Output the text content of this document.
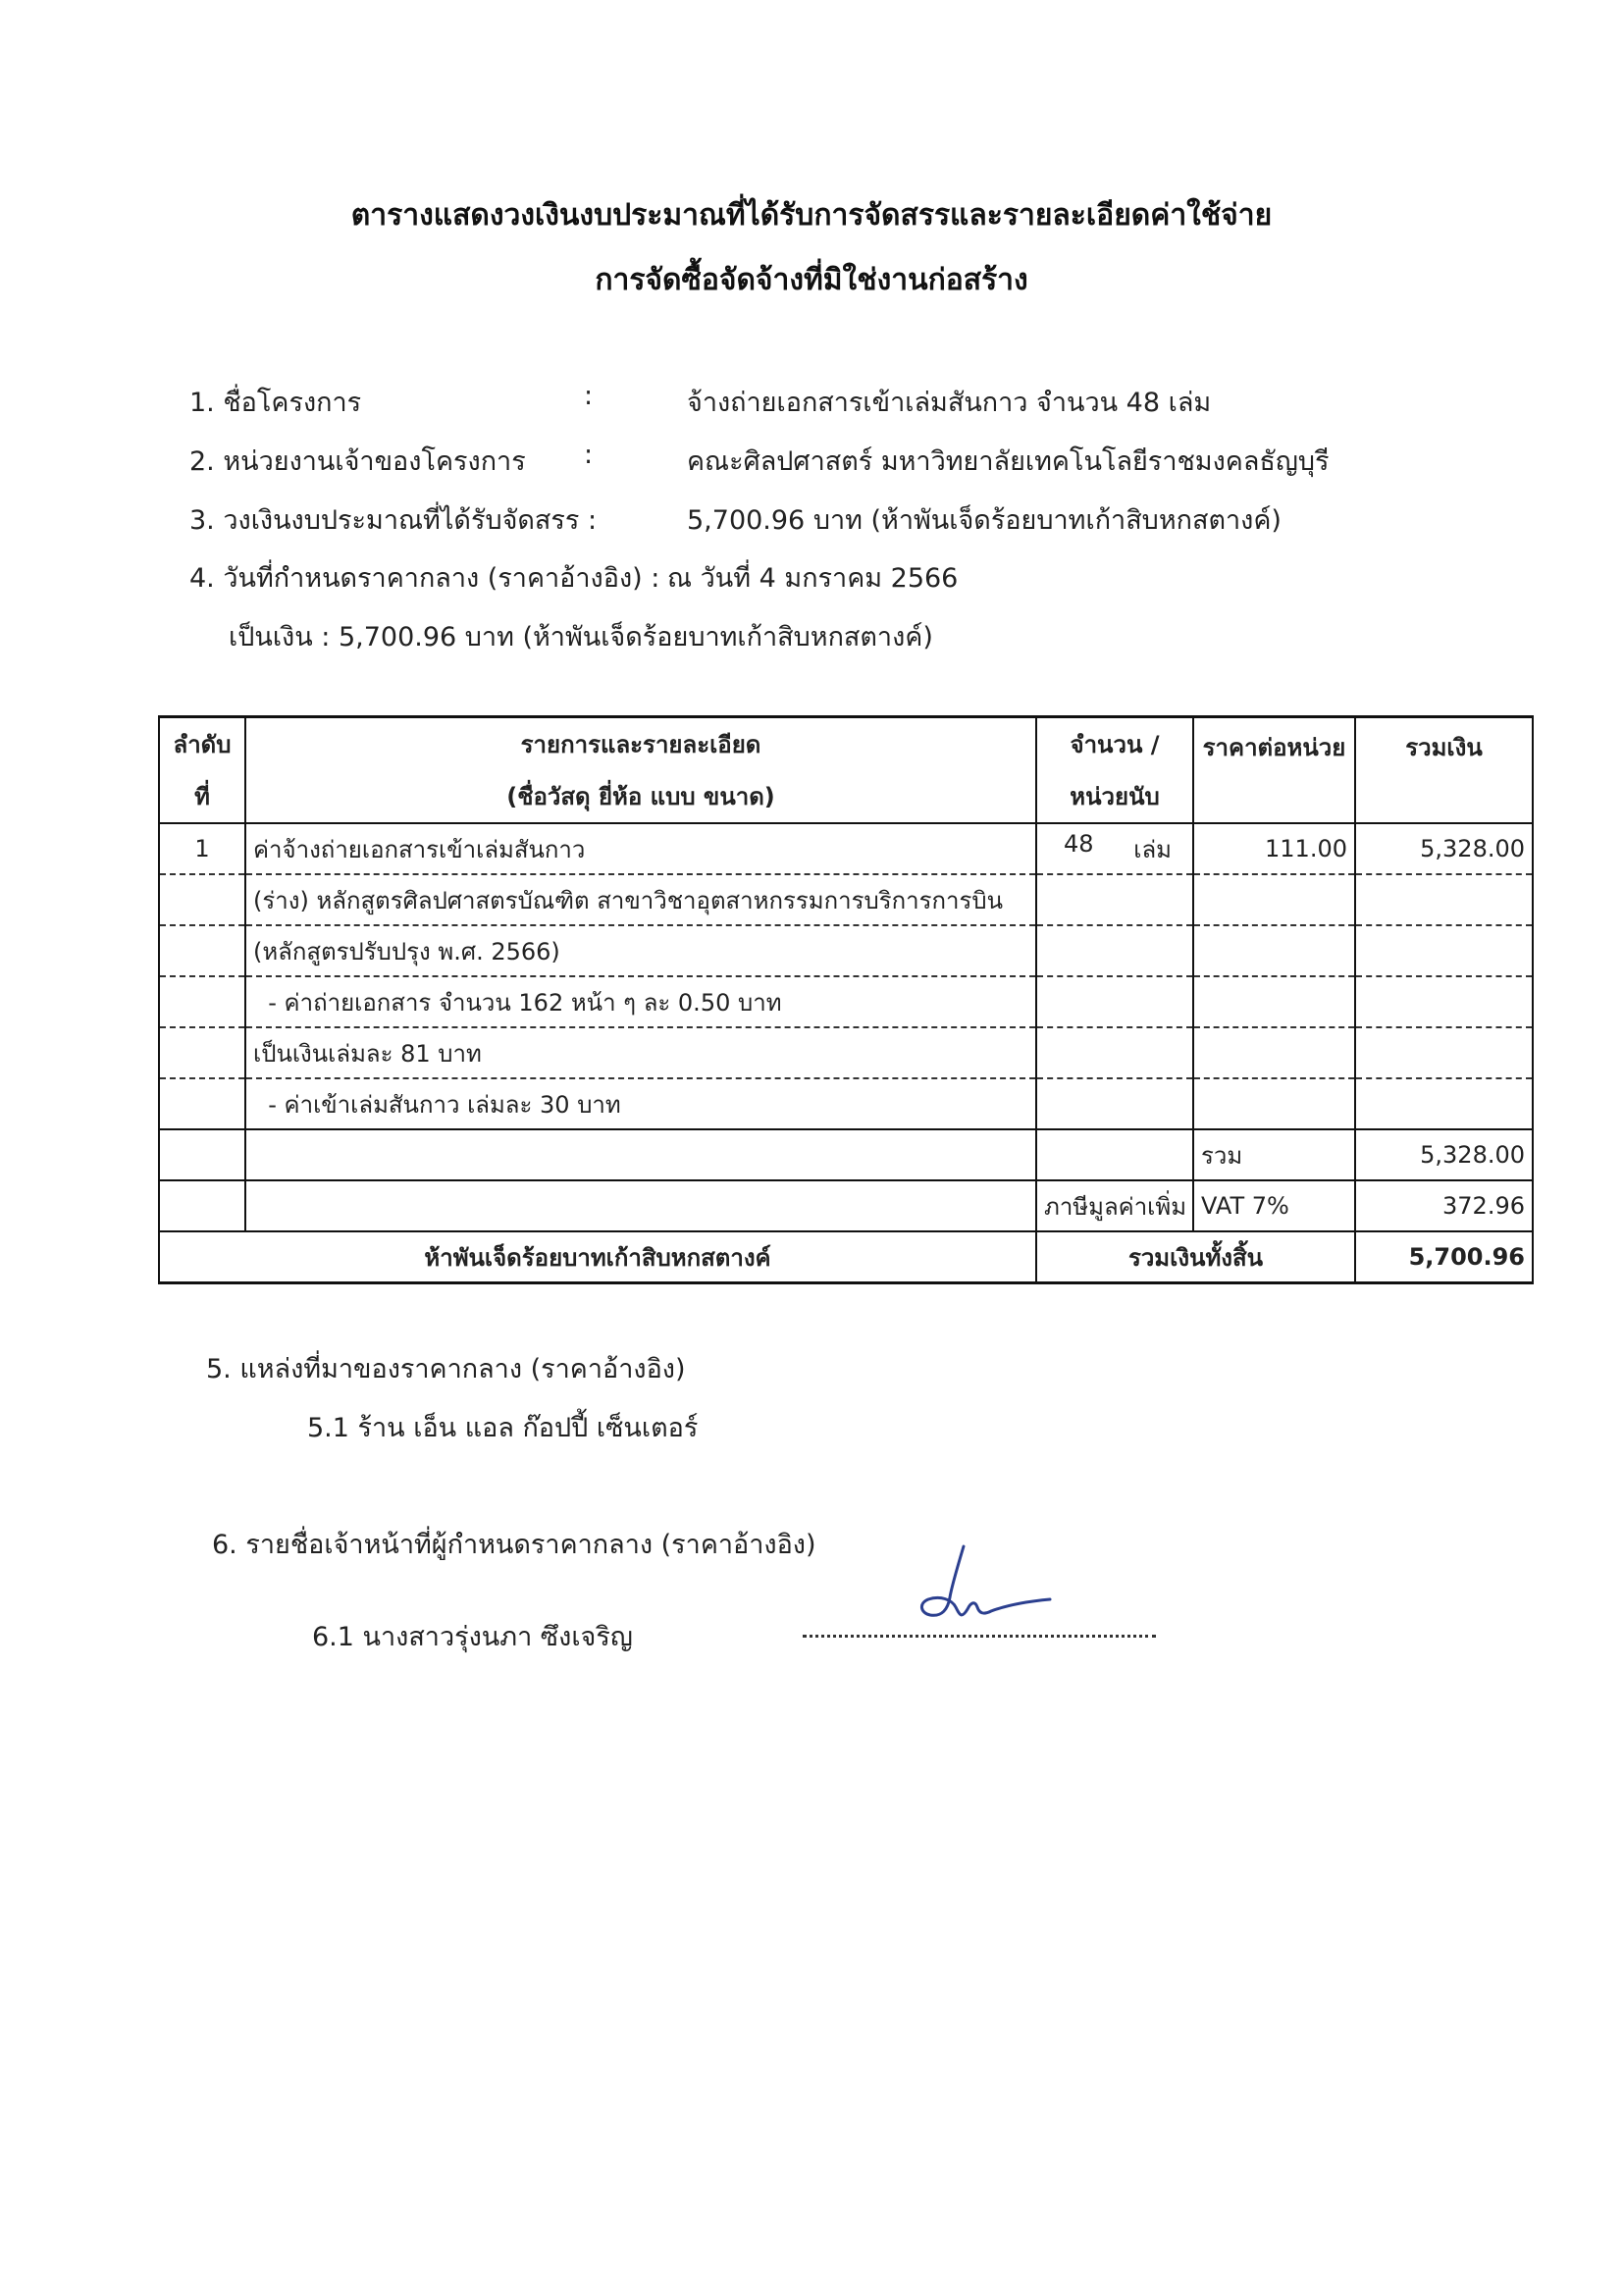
ตารางแสดงวงเงินงบประมาณที่ได้รับการจัดสรรและรายละเอียดค่าใช้จ่าย
การจัดซื้อจัดจ้างที่มิใช่งานก่อสร้าง
1. ชื่อโครงการ	:	จ้างถ่ายเอกสารเข้าเล่มสันกาว จำนวน 48 เล่ม
2. หน่วยงานเจ้าของโครงการ :	คณะศิลปศาสตร์ มหาวิทยาลัยเทคโนโลยีราชมงคลธัญบุรี
3. วงเงินงบประมาณที่ได้รับจัดสรร :	5,700.96 บาท (ห้าพันเจ็ดร้อยบาทเก้าสิบหกสตางค์)
4. วันที่กำหนดราคากลาง (ราคาอ้างอิง) : ณ วันที่ 4 มกราคม 2566
เป็นเงิน : 5,700.96 บาท (ห้าพันเจ็ดร้อยบาทเก้าสิบหกสตางค์)
ลำดับ	รายการและรายละเอียด	จำนวน /	ราคาต่อหน่วย	รวมเงิน
ที่	(ชื่อวัสดุ ยี่ห้อ แบบ ขนาด)	หน่วยนับ		
1	ค่าจ้างถ่ายเอกสารเข้าเล่มสันกาว	48 เล่ม	111.00	5,328.00
	(ร่าง) หลักสูตรศิลปศาสตรบัณฑิต สาขาวิชาอุตสาหกรรมการบริการการบิน			
	(หลักสูตรปรับปรุง พ.ศ. 2566)			
	- ค่าถ่ายเอกสาร จำนวน 162 หน้า ๆ ละ 0.50 บาท			
	เป็นเงินเล่มละ 81 บาท			
	- ค่าเข้าเล่มสันกาว เล่มละ 30 บาท			
			รวม	5,328.00
		ภาษีมูลค่าเพิ่ม	VAT 7%	372.96
ห้าพันเจ็ดร้อยบาทเก้าสิบหกสตางค์		รวมเงินทั้งสิ้น		5,700.96
5. แหล่งที่มาของราคากลาง (ราคาอ้างอิง)
5.1 ร้าน เอ็น แอล ก๊อปปี้ เซ็นเตอร์
6. รายชื่อเจ้าหน้าที่ผู้กำหนดราคากลาง (ราคาอ้างอิง)
6.1 นางสาวรุ่งนภา ซึงเจริญ
